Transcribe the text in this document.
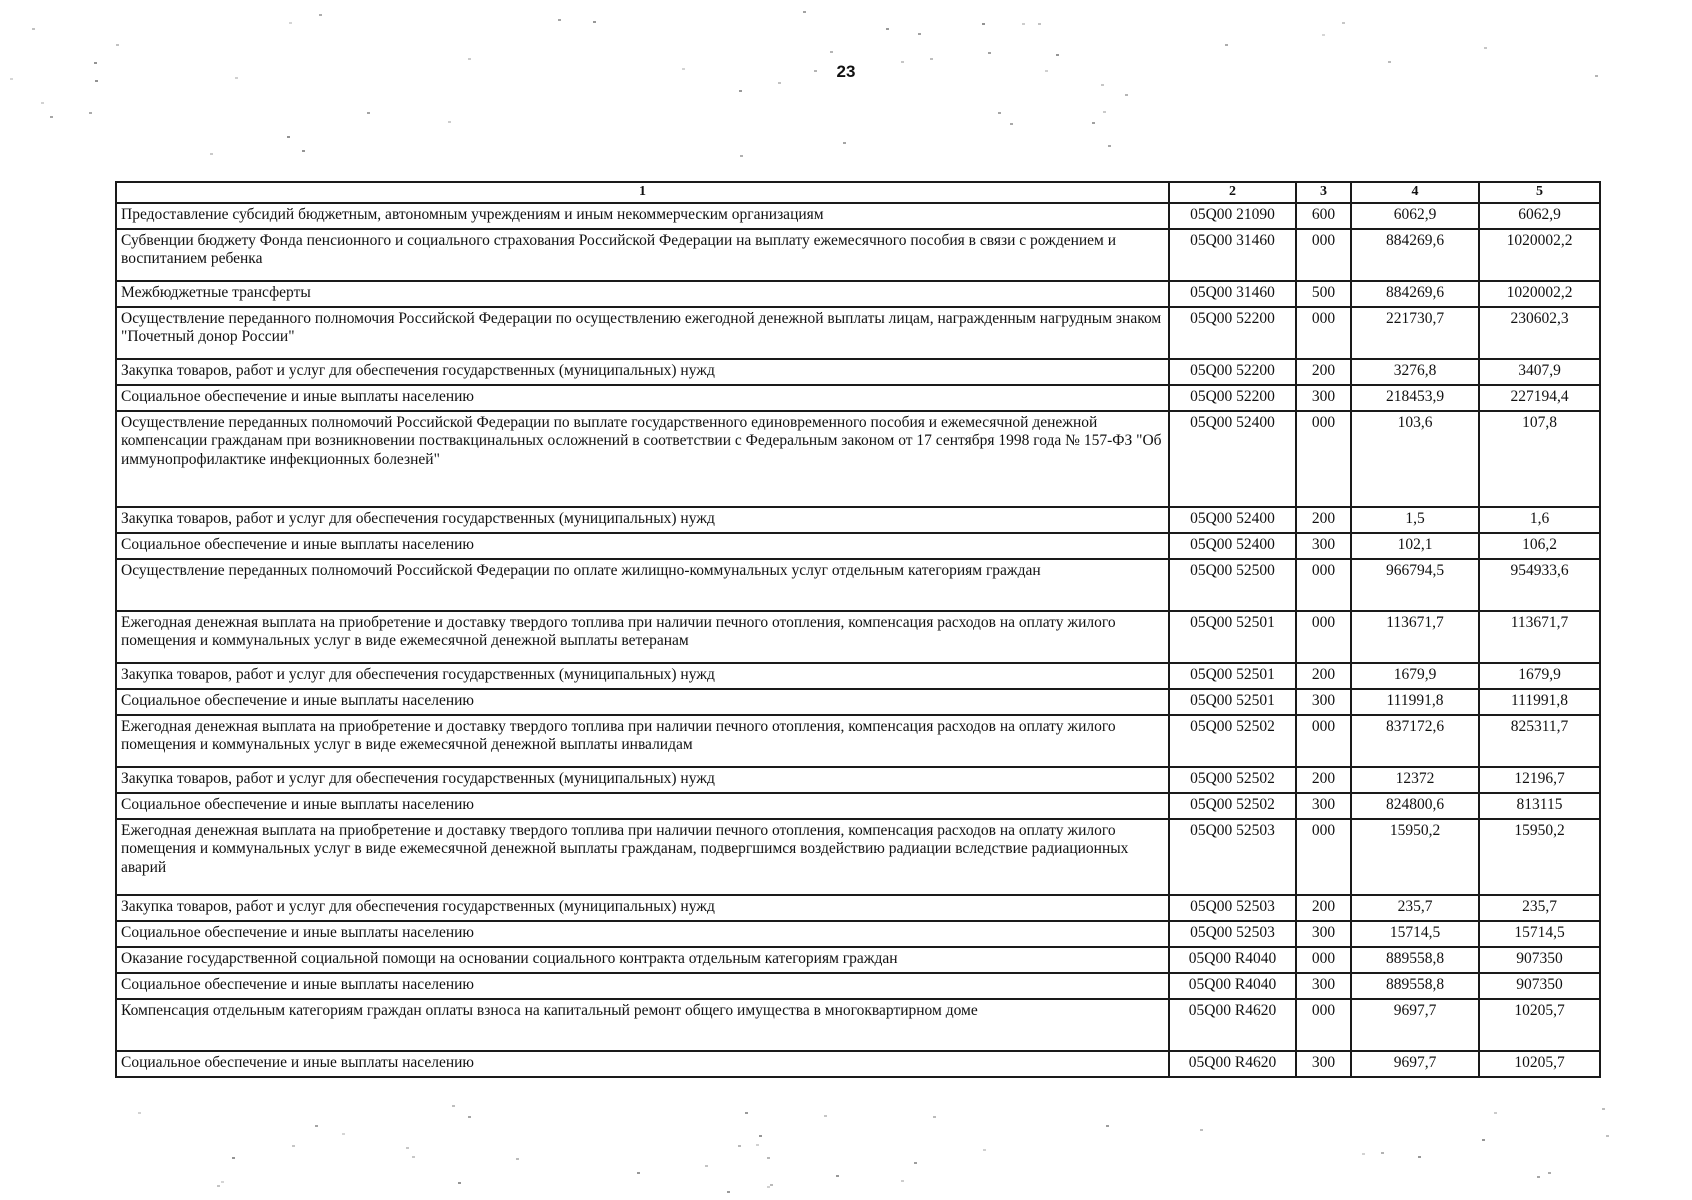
23
1	2	3	4	5
Предоставление субсидий бюджетным, автономным учреждениям и иным некоммерческим организациям	05Q00 21090	600	6062,9	6062,9
Субвенции бюджету Фонда пенсионного и социального страхования Российской Федерации на выплату ежемесячного пособия в связи с рождением и воспитанием ребенка	05Q00 31460	000	884269,6	1020002,2
Межбюджетные трансферты	05Q00 31460	500	884269,6	1020002,2
Осуществление переданного полномочия Российской Федерации по осуществлению ежегодной денежной выплаты лицам, награжденным нагрудным знаком "Почетный донор России"	05Q00 52200	000	221730,7	230602,3
Закупка товаров, работ и услуг для обеспечения государственных (муниципальных) нужд	05Q00 52200	200	3276,8	3407,9
Социальное обеспечение и иные выплаты населению	05Q00 52200	300	218453,9	227194,4
Осуществление переданных полномочий Российской Федерации по выплате государственного единовременного пособия и ежемесячной денежной компенсации гражданам при возникновении поствакцинальных осложнений в соответствии с Федеральным законом от 17 сентября 1998 года № 157-ФЗ "Об иммунопрофилактике инфекционных болезней"	05Q00 52400	000	103,6	107,8
Закупка товаров, работ и услуг для обеспечения государственных (муниципальных) нужд	05Q00 52400	200	1,5	1,6
Социальное обеспечение и иные выплаты населению	05Q00 52400	300	102,1	106,2
Осуществление переданных полномочий Российской Федерации по оплате жилищно-коммунальных услуг отдельным категориям граждан	05Q00 52500	000	966794,5	954933,6
Ежегодная денежная выплата на приобретение и доставку твердого топлива при наличии печного отопления, компенсация расходов на оплату жилого помещения и коммунальных услуг в виде ежемесячной денежной выплаты ветеранам	05Q00 52501	000	113671,7	113671,7
Закупка товаров, работ и услуг для обеспечения государственных (муниципальных) нужд	05Q00 52501	200	1679,9	1679,9
Социальное обеспечение и иные выплаты населению	05Q00 52501	300	111991,8	111991,8
Ежегодная денежная выплата на приобретение и доставку твердого топлива при наличии печного отопления, компенсация расходов на оплату жилого помещения и коммунальных услуг в виде ежемесячной денежной выплаты инвалидам	05Q00 52502	000	837172,6	825311,7
Закупка товаров, работ и услуг для обеспечения государственных (муниципальных) нужд	05Q00 52502	200	12372	12196,7
Социальное обеспечение и иные выплаты населению	05Q00 52502	300	824800,6	813115
Ежегодная денежная выплата на приобретение и доставку твердого топлива при наличии печного отопления, компенсация расходов на оплату жилого помещения и коммунальных услуг в виде ежемесячной денежной выплаты гражданам, подвергшимся воздействию радиации вследствие радиационных аварий	05Q00 52503	000	15950,2	15950,2
Закупка товаров, работ и услуг для обеспечения государственных (муниципальных) нужд	05Q00 52503	200	235,7	235,7
Социальное обеспечение и иные выплаты населению	05Q00 52503	300	15714,5	15714,5
Оказание государственной социальной помощи на основании социального контракта отдельным категориям граждан	05Q00 R4040	000	889558,8	907350
Социальное обеспечение и иные выплаты населению	05Q00 R4040	300	889558,8	907350
Компенсация отдельным категориям граждан оплаты взноса на капитальный ремонт общего имущества в многоквартирном доме	05Q00 R4620	000	9697,7	10205,7
Социальное обеспечение и иные выплаты населению	05Q00 R4620	300	9697,7	10205,7
